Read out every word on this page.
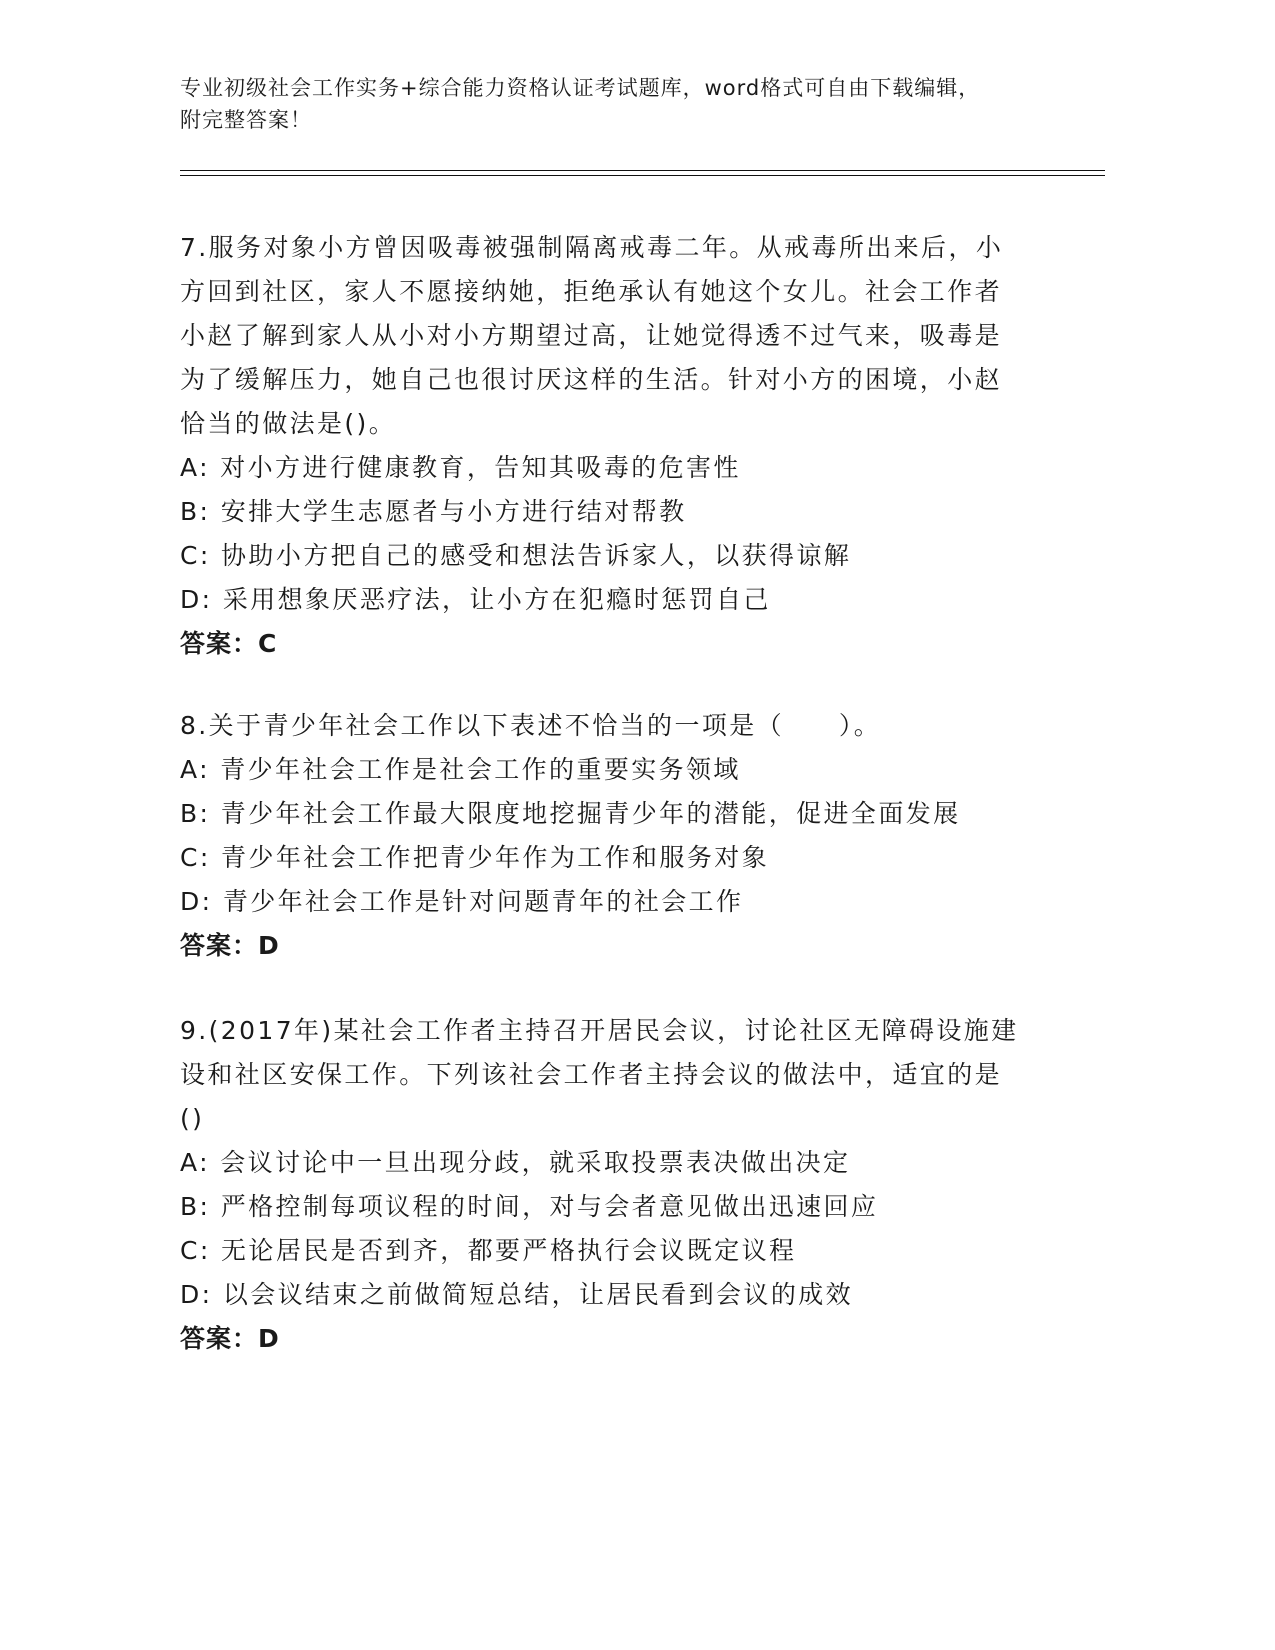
专业初级社会工作实务+综合能力资格认证考试题库，word格式可自由下载编辑，
附完整答案！
7.服务对象小方曾因吸毒被强制隔离戒毒二年。从戒毒所出来后，小
方回到社区，家人不愿接纳她，拒绝承认有她这个女儿。社会工作者
小赵了解到家人从小对小方期望过高，让她觉得透不过气来，吸毒是
为了缓解压力，她自己也很讨厌这样的生活。针对小方的困境，小赵
恰当的做法是()。
A: 对小方进行健康教育，告知其吸毒的危害性
B: 安排大学生志愿者与小方进行结对帮教
C: 协助小方把自己的感受和想法告诉家人，以获得谅解
D: 采用想象厌恶疗法，让小方在犯瘾时惩罚自己
答案：C
8.关于青少年社会工作以下表述不恰当的一项是（　　）。
A: 青少年社会工作是社会工作的重要实务领域
B: 青少年社会工作最大限度地挖掘青少年的潜能，促进全面发展
C: 青少年社会工作把青少年作为工作和服务对象
D: 青少年社会工作是针对问题青年的社会工作
答案：D
9.(2017年)某社会工作者主持召开居民会议，讨论社区无障碍设施建
设和社区安保工作。下列该社会工作者主持会议的做法中，适宜的是
()
A: 会议讨论中一旦出现分歧，就采取投票表决做出决定
B: 严格控制每项议程的时间，对与会者意见做出迅速回应
C: 无论居民是否到齐，都要严格执行会议既定议程
D: 以会议结束之前做简短总结，让居民看到会议的成效
答案：D
